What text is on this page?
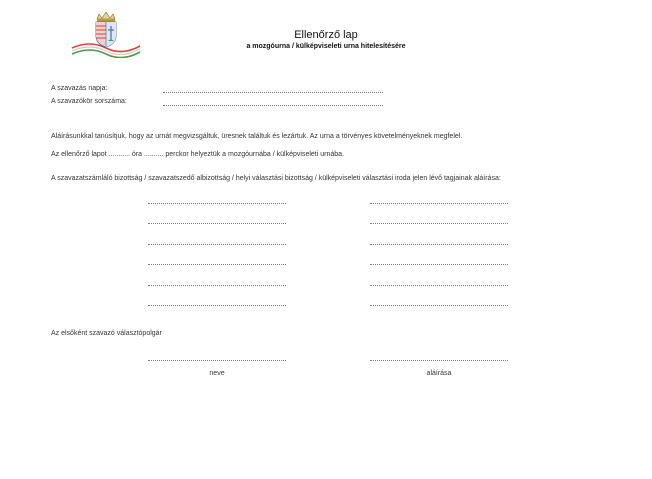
Ellenőrző lap
a mozgóurna / külképviseleti urna hitelesítésére
A szavazás napja:
A szavazókör sorszáma:
Aláírásunkkal tanúsítjuk, hogy az urnát megvizsgáltuk, üresnek találtuk és lezártuk. Az urna a törvényes követelményeknek megfelel.
Az ellenőrző lapot ........... óra .......... perckor helyeztük a mozgóurnába / külképviseleti urnába.
A szavazatszámláló bizottság / szavazatszedő albizottság / helyi választási bizottság / külképviseleti választási iroda jelen lévő tagjainak aláírása:
Az elsőként szavazó választópolgár
neve	aláírása
